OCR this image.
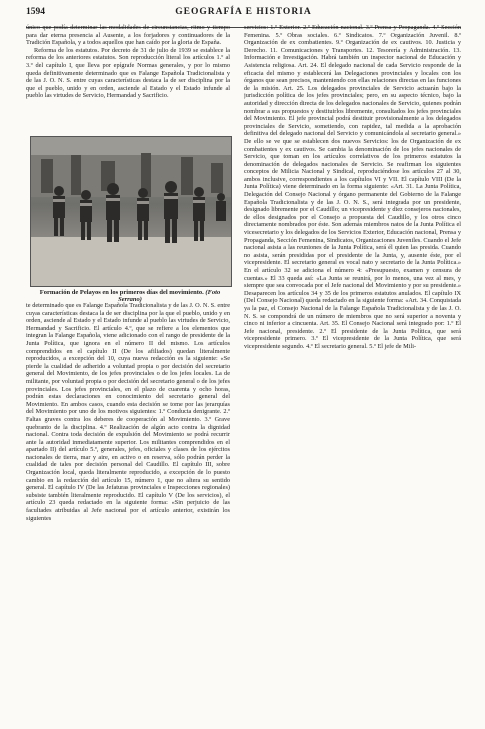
1594	GEOGRAFÍA E HISTORIA

único que podía determinar las modalidades de circunstancias, ritmo y tiempo para dar eterna presencia al Ausente, a los forjadores y continuadores de la Tradición Española, y a todos aquellos que han caído por la gloria de España.

Reforma de los estatutos. Por decreto de 31 de julio de 1939 se establece la reforma de los anteriores estatutos. Son reproducción literal los artículos 1.º al 3.º del capítulo I, que lleva por epígrafe Normas generales, y por lo mismo queda definitivamente determinado que es Falange Española Tradicionalista y de las J. O. N. S. entre cuyas características destaca la de ser disciplina por la que el pueblo, unido y en orden, asciende al Estado y el Estado infunde al pueblo las virtudes de Servicio, Hermandad y Sacrificio.

Formación de Pelayos en los primeros días del movimiento. (Foto Serrano)

te determinado que es Falange Española Tradicionalista y de las J. O. N. S. entre cuyas características destaca la de ser disciplina por la que el pueblo, unido y en orden, asciende al Estado y el Estado infunde al pueblo las virtudes de Servicio, Hermandad y Sacrificio. El artículo 4.º, que se refiere a los elementos que integran la Falange Española, viene adicionado con el rango de presidente de la Junta Política, que ignora en el número II del mismo. Los artículos comprendidos en el capítulo II (De los afiliados) quedan literalmente reproducidos, a excepción del 10, cuya nueva redacción es la siguiente: «Se pierde la cualidad de adherido a voluntad propia o por decisión del secretario general del Movimiento, de los jefes provinciales o de los jefes locales. La de militante, por voluntad propia o por decisión del secretario general o de los jefes provinciales. Los jefes provinciales, en el plazo de cuarenta y ocho horas, podrán estas declaraciones en conocimiento del secretario general del Movimiento. En ambos casos, cuando esta decisión se tome por las jerarquías del Movimiento por uno de los motivos siguientes: 1.º Conducta denigrante. 2.º Faltas graves contra los deberes de cooperación al Movimiento. 3.º Grave quebranto de la disciplina. 4.º Realización de algún acto contra la dignidad nacional. Contra toda decisión de expulsión del Movimiento se podrá recurrir ante la autoridad inmediatamente superior. Los militantes comprendidos en el apartado II) del artículo 5.º, generales, jefes, oficiales y clases de los ejércitos nacionales de tierra, mar y aire, en activo o en reserva, sólo podrán perder la cualidad de tales por decisión personal del Caudillo. El capítulo III, sobre Organización local, queda literalmente reproducido, a excepción de lo puesto cambio en la redacción del artículo 15, número 1, que no altera su sentido general. El capítulo IV (De las Jefaturas provinciales e Inspecciones regionales) subsiste también literalmente reproducido. El capítulo V (De los servicios), el artículo 23 queda redactado en la siguiente forma: «Sin perjuicio de las facultades atribuidas al Jefe nacional por el artículo anterior, existirán los siguientes

servicios: 1.º Exterior. 2.º Educación nacional. 3.º Prensa y Propaganda. 4.º Sección Femenina. 5.º Obras sociales. 6.º Sindicatos. 7.º Organización Juvenil. 8.º Organización de ex combatientes. 9.º Organización de ex cautivos. 10. Justicia y Derecho. 11. Comunicaciones y Transportes. 12. Tesorería y Administración. 13. Información e Investigación. Habrá también un inspector nacional de Educación y Asistencia religiosa. Art. 24. El delegado nacional de cada Servicio responde de la eficacia del mismo y establecerá las Delegaciones provinciales y locales con los órganos que sean precisos, manteniendo con ellas relaciones directas en las funciones de la misión. Art. 25. Los delegados provinciales de Servicio actuarán bajo la jurisdicción política de los jefes provinciales; pero, en su aspecto técnico, bajo la autoridad y dirección directa de los delegados nacionales de Servicio, quienes podrán nombrar a sus propuestos y destituirlos libremente, consultados los jefes provinciales del Movimiento. El jefe provincial podrá destituir provisionalmente a los delegados provinciales de Servicio, sometiendo, con rapidez, tal medida a la aprobación definitiva del delegado nacional del Servicio y comunicándola al secretario general.» De ello se ve que se establecen dos nuevos Servicios: los de Organización de ex combatientes y ex cautivos. Se cambia la denominación de los jefes nacionales de Servicio, que toman en los artículos correlativos de los primeros estatutos la denominación de delegados nacionales de Servicio. Se reafirman los siguientes conceptos de Milicia Nacional y Sindical, reproduciéndose los artículos 27 al 30, ambos inclusive, correspondientes a los capítulos VI y VII. El capítulo VIII (De la Junta Política) viene determinado en la forma siguiente: «Art. 31. La Junta Política, Delegación del Consejo Nacional y órgano permanente del Gobierno de la Falange Española Tradicionalista y de las J. O. N. S., será integrada por un presidente, designado libremente por el Caudillo; un vicepresidente y diez consejeros nacionales, de ellos designados por el Consejo a propuesta del Caudillo, y los otros cinco directamente nombrados por éste. Son además miembros natos de la Junta Política el vicesecretario y los delegados de los Servicios Exterior, Educación nacional, Prensa y Propaganda, Sección Femenina, Sindicatos, Organizaciones Juveniles. Cuando el Jefe nacional asista a las reuniones de la Junta Política, será él quien las presida. Cuando no asista, serán presididas por el presidente de la Junta, y, ausente éste, por el vicepresidente. El secretario general es vocal nato y secretario de la Junta Política.» En el artículo 32 se adiciona el número 4: «Presupuesto, examen y censura de cuentas.» El 33 queda así: «La Junta se reunirá, por lo menos, una vez al mes, y siempre que sea convocada por el Jefe nacional del Movimiento y por su presidente.» Desaparecen los artículos 34 y 35 de los primeros estatutos anulados. El capítulo IX (Del Consejo Nacional) queda redactado en la siguiente forma: «Art. 34. Conquistada ya la paz, el Consejo Nacional de la Falange Española Tradicionalista y de las J. O. N. S. se compondrá de un número de miembros que no será superior a noventa y cinco ni inferior a cincuenta. Art. 35. El Consejo Nacional será integrado por: 1.º El Jefe nacional, presidente. 2.º El presidente de la Junta Política, que será vicepresidente primero. 3.º El vicepresidente de la Junta Política, que será vicepresidente segundo. 4.º El secretario general. 5.º El jefe de Mili-
